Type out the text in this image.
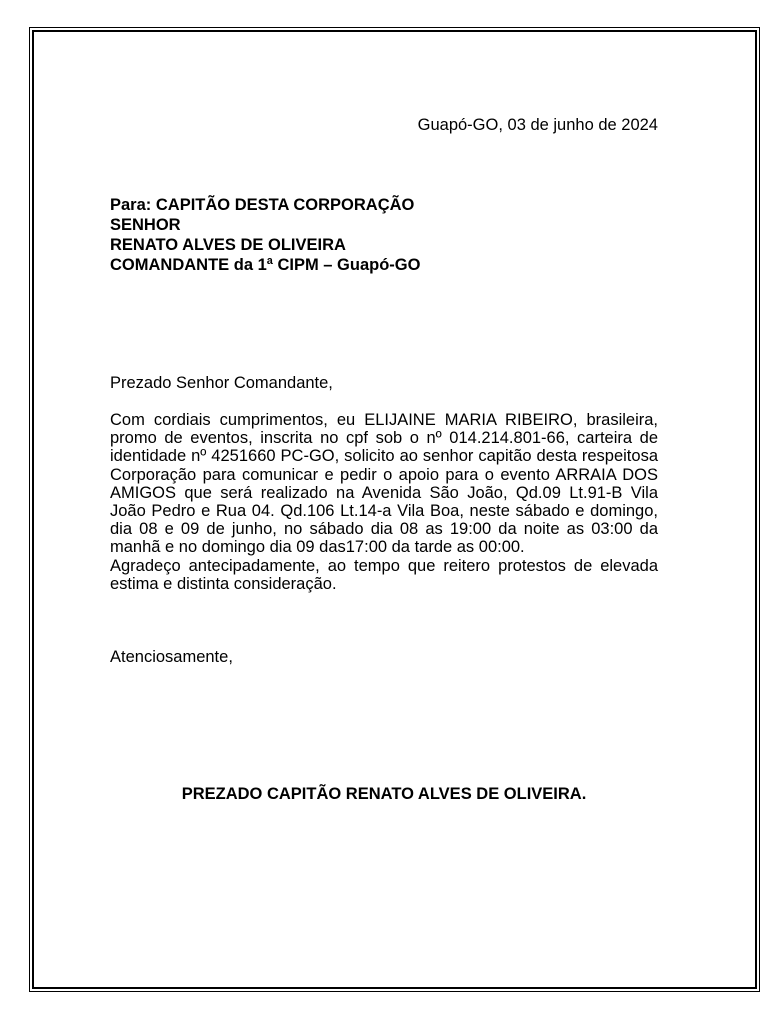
Guapó-GO, 03 de junho de 2024
Para: CAPITÃO DESTA CORPORAÇÃO
SENHOR
RENATO ALVES DE OLIVEIRA
COMANDANTE da 1ª CIPM – Guapó-GO
Prezado Senhor Comandante,

Com cordiais cumprimentos, eu ELIJAINE MARIA RIBEIRO, brasileira, promo de eventos, inscrita no cpf sob o nº 014.214.801-66, carteira de identidade nº 4251660 PC-GO, solicito ao senhor capitão desta respeitosa Corporação para comunicar e pedir o apoio para o evento ARRAIA DOS AMIGOS que será realizado na Avenida São João, Qd.09 Lt.91-B Vila João Pedro e Rua 04. Qd.106 Lt.14-a Vila Boa, neste sábado e domingo, dia 08 e 09 de junho, no sábado dia 08 as 19:00 da noite as 03:00 da manhã e no domingo dia 09 das17:00 da tarde as 00:00.

Agradeço antecipadamente, ao tempo que reitero protestos de elevada estima e distinta consideração.

Atenciosamente,
PREZADO CAPITÃO RENATO ALVES DE OLIVEIRA.
